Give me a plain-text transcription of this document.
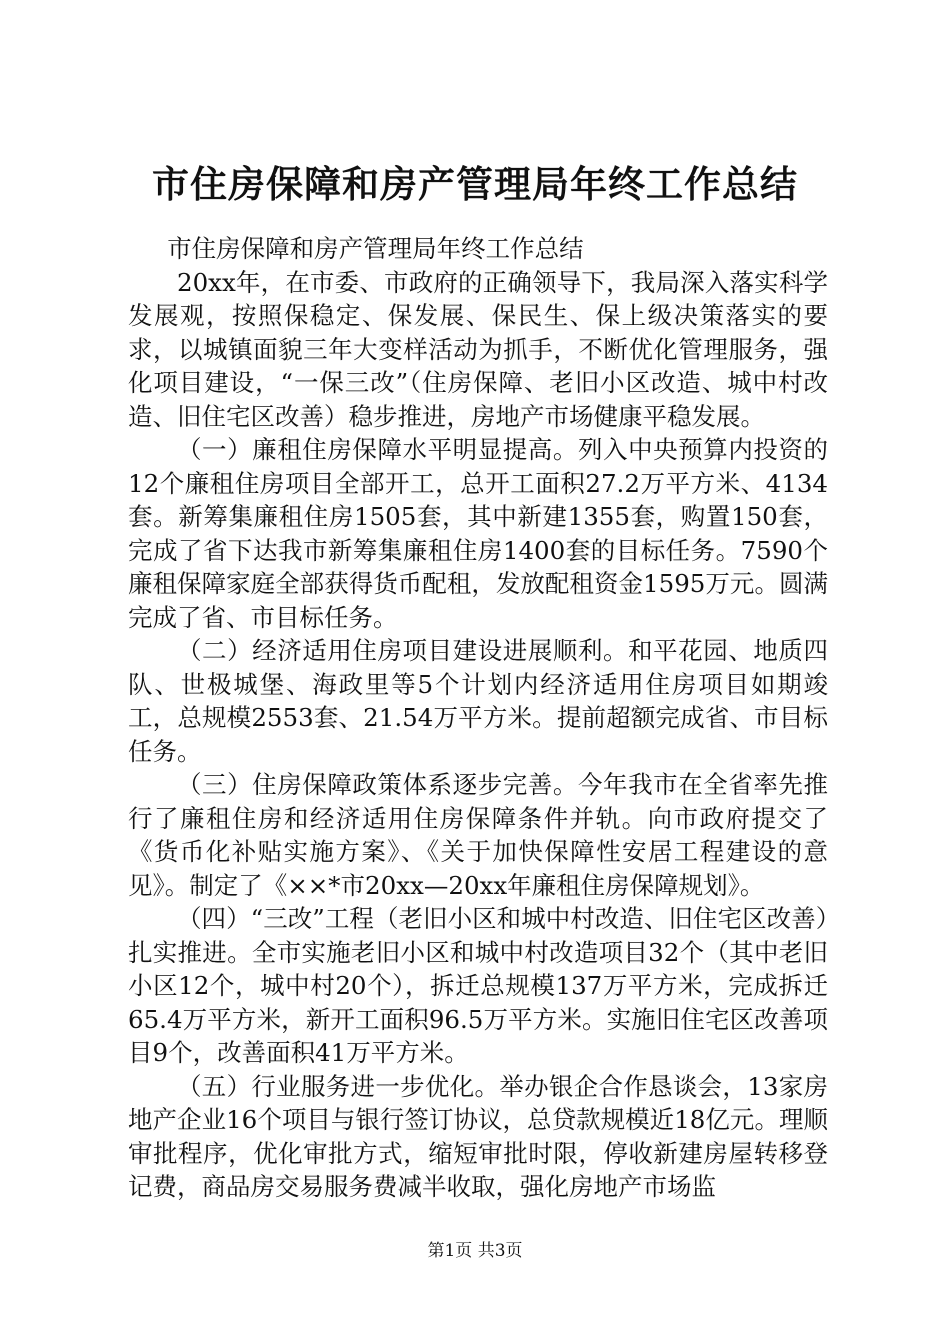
市住房保障和房产管理局年终工作总结

市住房保障和房产管理局年终工作总结

20xx年，在市委、市政府的正确领导下，我局深入落实科学发展观，按照保稳定、保发展、保民生、保上级决策落实的要求，以城镇面貌三年大变样活动为抓手，不断优化管理服务，强化项目建设，“一保三改”（住房保障、老旧小区改造、城中村改造、旧住宅区改善）稳步推进，房地产市场健康平稳发展。

（一）廉租住房保障水平明显提高。列入中央预算内投资的12个廉租住房项目全部开工，总开工面积27.2万平方米、4134套。新筹集廉租住房1505套，其中新建1355套，购置150套，完成了省下达我市新筹集廉租住房1400套的目标任务。7590个廉租保障家庭全部获得货币配租，发放配租资金1595万元。圆满完成了省、市目标任务。

（二）经济适用住房项目建设进展顺利。和平花园、地质四队、世极城堡、海政里等5个计划内经济适用住房项目如期竣工，总规模2553套、21.54万平方米。提前超额完成省、市目标任务。

（三）住房保障政策体系逐步完善。今年我市在全省率先推行了廉租住房和经济适用住房保障条件并轨。向市政府提交了《货币化补贴实施方案》、《关于加快保障性安居工程建设的意见》。制定了《××*市20xx—20xx年廉租住房保障规划》。

（四）“三改”工程（老旧小区和城中村改造、旧住宅区改善）扎实推进。全市实施老旧小区和城中村改造项目32个（其中老旧小区12个，城中村20个），拆迁总规模137万平方米，完成拆迁65.4万平方米，新开工面积96.5万平方米。实施旧住宅区改善项目9个，改善面积41万平方米。

（五）行业服务进一步优化。举办银企合作恳谈会，13家房地产企业16个项目与银行签订协议，总贷款规模近18亿元。理顺审批程序，优化审批方式，缩短审批时限，停收新建房屋转移登记费，商品房交易服务费减半收取，强化房地产市场监

第1页 共3页
